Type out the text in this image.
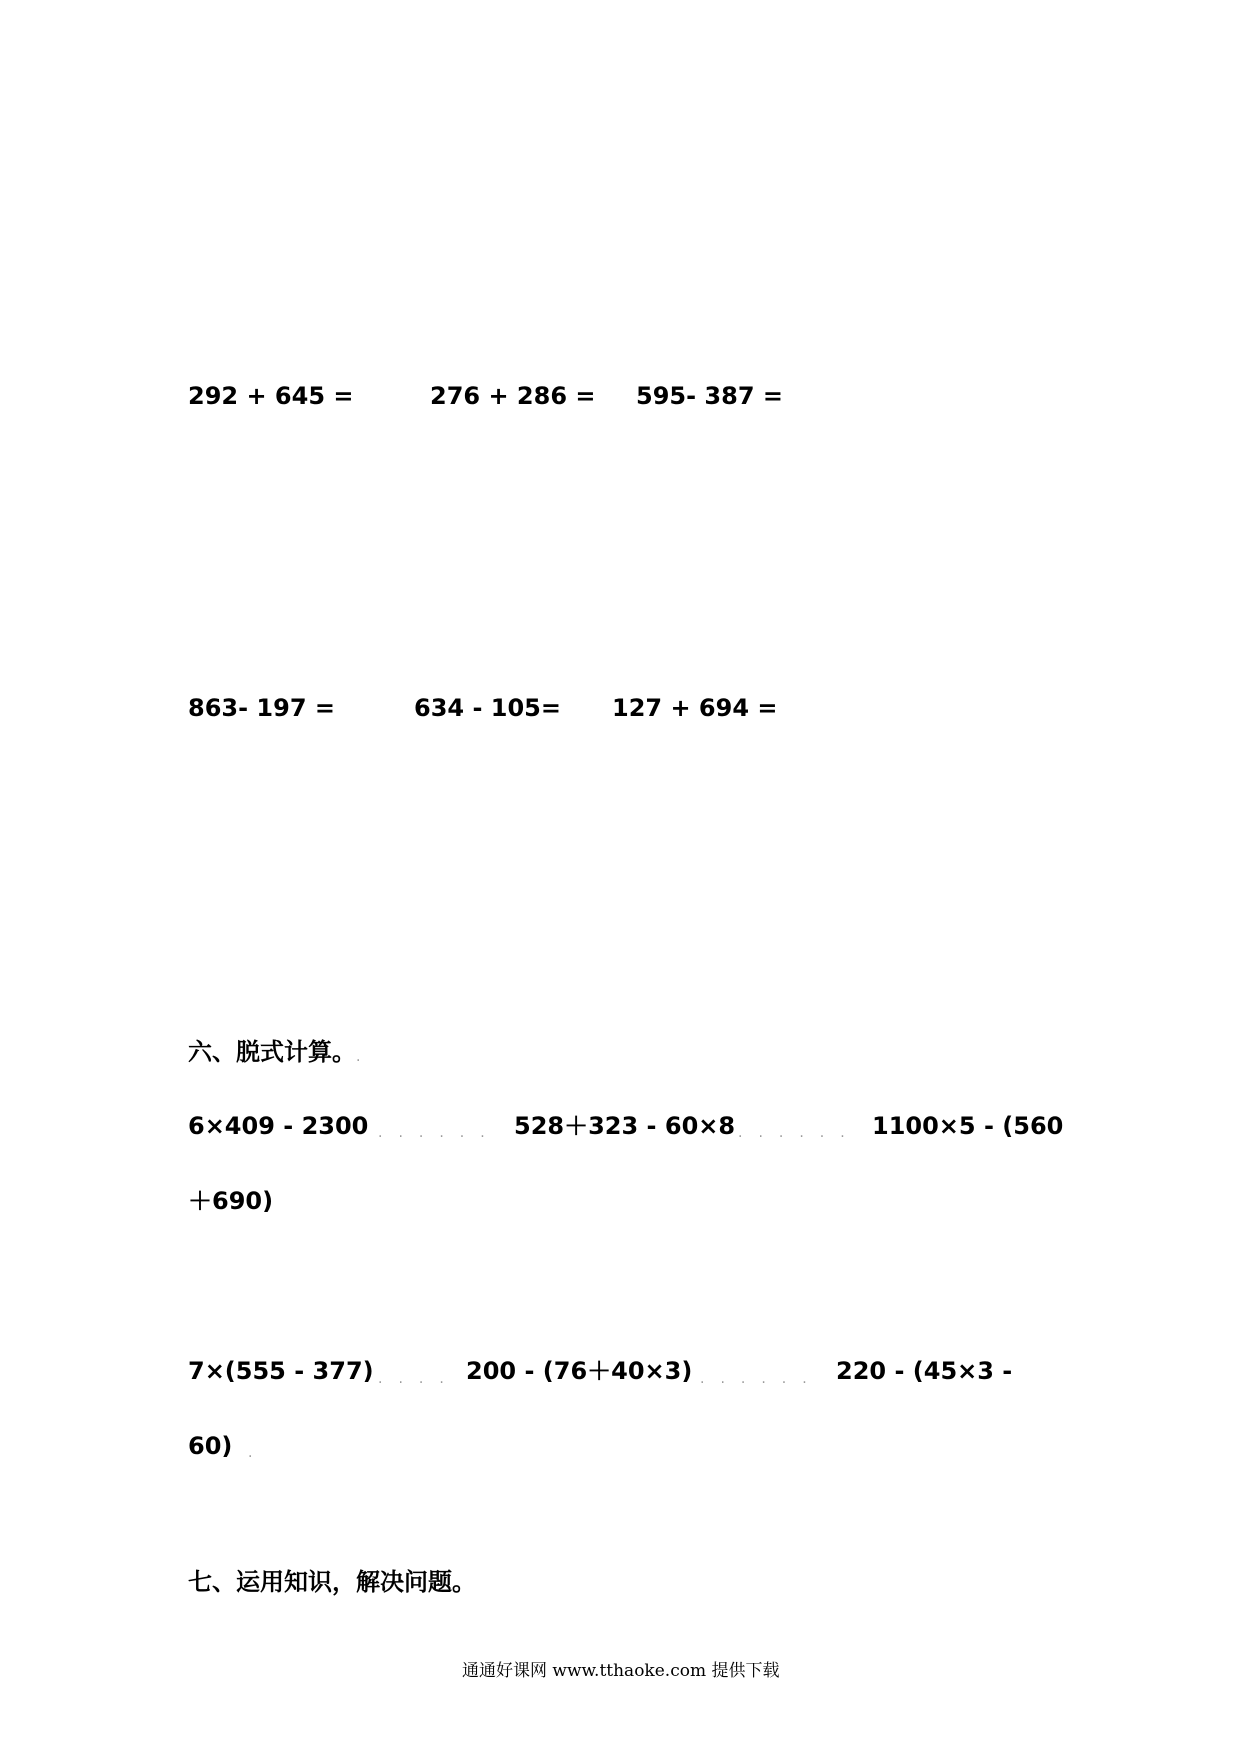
292 + 645 =	276 + 286 = 595- 387 =
863- 197 =	634 - 105= 127 + 694 =
六、脱式计算。 .
6×409 - 2300 ...... 528＋323 - 60×8 ...... 1100×5 - (560
＋690)
7×(555 - 377) .... 200 - (76＋40×3) ...... 220 - (45×3 -
60) .
七、运用知识，解决问题。
通通好课网 www.tthaoke.com 提供下载
